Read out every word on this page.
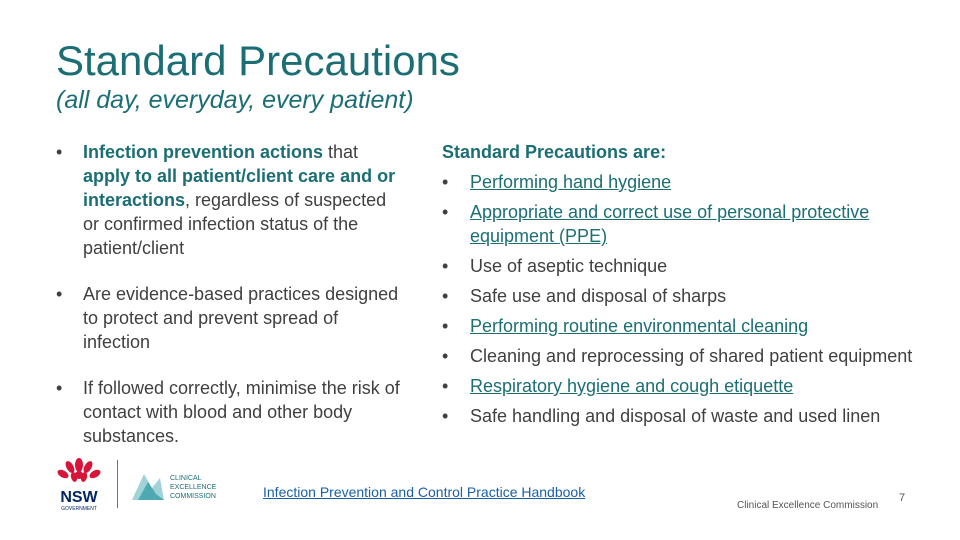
Standard Precautions
(all day, everyday, every patient)
• Infection prevention actions that apply to all patient/client care and or interactions, regardless of suspected or confirmed infection status of the patient/client
• Are evidence-based practices designed to protect and prevent spread of infection
• If followed correctly, minimise the risk of contact with blood and other body substances.
Standard Precautions are:
• Performing hand hygiene
• Appropriate and correct use of personal protective equipment (PPE)
• Use of aseptic technique
• Safe use and disposal of sharps
• Performing routine environmental cleaning
• Cleaning and reprocessing of shared patient equipment
• Respiratory hygiene and cough etiquette
• Safe handling and disposal of waste and used linen
NSW
GOVERNMENT
CLINICAL
EXCELLENCE
COMMISSION	Infection Prevention and Control Practice Handbook
Clinical Excellence Commission
7
